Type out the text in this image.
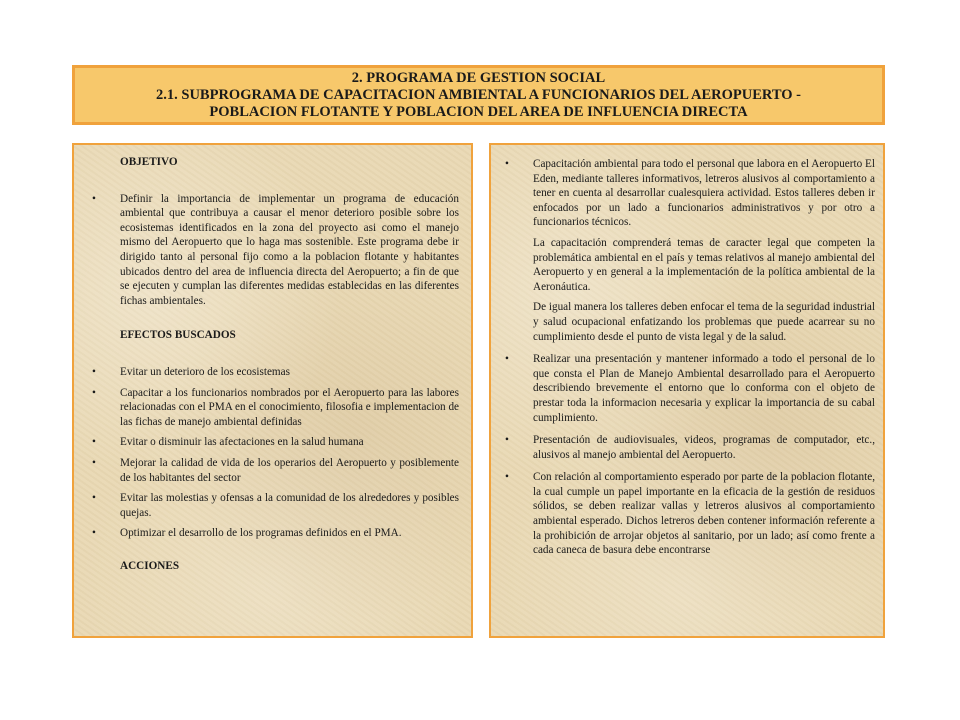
2. PROGRAMA DE GESTION SOCIAL
2.1. SUBPROGRAMA DE CAPACITACION AMBIENTAL A FUNCIONARIOS DEL AEROPUERTO -
POBLACION FLOTANTE Y POBLACION DEL AREA DE INFLUENCIA DIRECTA
OBJETIVO
• Definir la importancia de implementar un programa de educación ambiental que contribuya a causar el menor deterioro posible sobre los ecosistemas identificados en la zona del proyecto asi como el manejo mismo del Aeropuerto que lo haga mas sostenible. Este programa debe ir dirigido tanto al personal fijo como a la poblacion flotante y habitantes ubicados dentro del area de influencia directa del Aeropuerto; a fin de que se ejecuten y cumplan las diferentes medidas establecidas en las diferentes fichas ambientales.
EFECTOS BUSCADOS
• Evitar un deterioro de los ecosistemas
• Capacitar a los funcionarios nombrados por el Aeropuerto para las labores relacionadas con el PMA en el conocimiento, filosofia e implementacion de las fichas de manejo ambiental definidas
• Evitar o disminuir las afectaciones en la salud humana
• Mejorar la calidad de vida de los operarios del Aeropuerto y posiblemente de los habitantes del sector
• Evitar las molestias y ofensas a la comunidad de los alrededores y posibles quejas.
• Optimizar el desarrollo de los programas definidos en el PMA.
ACCIONES
• Capacitación ambiental para todo el personal que labora en el Aeropuerto El Eden, mediante talleres informativos, letreros alusivos al comportamiento a tener en cuenta al desarrollar cualesquiera actividad. Estos talleres deben ir enfocados por un lado a funcionarios administrativos y por otro a funcionarios técnicos.
La capacitación comprenderá temas de caracter legal que competen la problemática ambiental en el país y temas relativos al manejo ambiental del Aeropuerto y en general a la implementación de la política ambiental de la Aeronáutica.
De igual manera los talleres deben enfocar el tema de la seguridad industrial y salud ocupacional enfatizando los problemas que puede acarrear su no cumplimiento desde el punto de vista legal y de la salud.
• Realizar una presentación y mantener informado a todo el personal de lo que consta el Plan de Manejo Ambiental desarrollado para el Aeropuerto describiendo brevemente el entorno que lo conforma con el objeto de prestar toda la informacion necesaria y explicar la importancia de su cabal cumplimiento.
• Presentación de audiovisuales, videos, programas de computador, etc., alusivos al manejo ambiental del Aeropuerto.
• Con relación al comportamiento esperado por parte de la poblacion flotante, la cual cumple un papel importante en la eficacia de la gestión de residuos sólidos, se deben realizar vallas y letreros alusivos al comportamiento ambiental esperado. Dichos letreros deben contener información referente a la prohibición de arrojar objetos al sanitario, por un lado; así como frente a cada caneca de basura debe encontrarse
